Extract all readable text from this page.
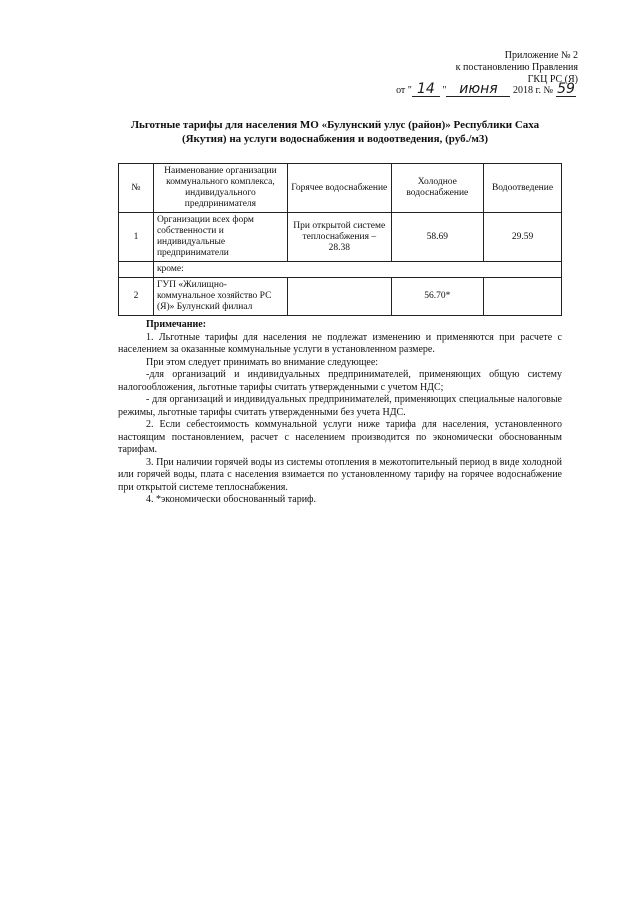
Приложение № 2
к постановлению Правления
ГКЦ РС (Я)
от " 14 " июня 2018 г. № 59
Льготные тарифы для населения МО «Булунский улус (район)» Республики Саха (Якутия) на услуги водоснабжения и водоотведения, (руб./м3)
№	Наименование организации коммунального комплекса, индивидуального предпринимателя	Горячее водоснабжение	Холодное водоснабжение	Водоотведение
1	Организации всех форм собственности и индивидуальные предприниматели	При открытой системе теплоснабжения – 28.38	58.69	29.59
	кроме:			
2	ГУП «Жилищно-коммунальное хозяйство РС (Я)» Булунский филиал		56.70*	

Примечание:

1. Льготные тарифы для населения не подлежат изменению и применяются при расчете с населением за оказанные коммунальные услуги в установленном размере.

При этом следует принимать во внимание следующее:

-для организаций и индивидуальных предпринимателей, применяющих общую систему налогообложения, льготные тарифы считать утвержденными с учетом НДС;

- для организаций и индивидуальных предпринимателей, применяющих специальные налоговые режимы, льготные тарифы считать утвержденными без учета НДС.

2. Если себестоимость коммунальной услуги ниже тарифа для населения, установленного настоящим постановлением, расчет с населением производится по экономически обоснованным тарифам.

3. При наличии горячей воды из системы отопления в межотопительный период в виде холодной или горячей воды, плата с населения взимается по установленному тарифу на горячее водоснабжение при открытой системе теплоснабжения.

4. *экономически обоснованный тариф.
